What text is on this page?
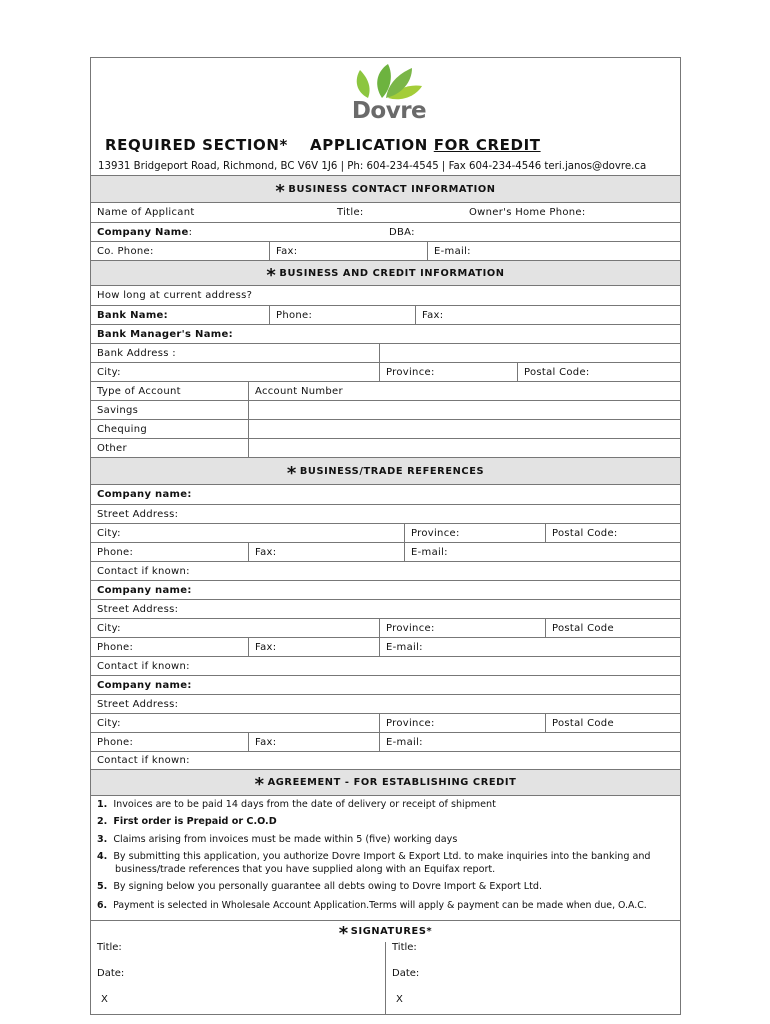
Dovre
REQUIRED SECTION* APPLICATION FOR CREDIT
13931 Bridgeport Road, Richmond, BC V6V 1J6 | Ph: 604-234-4545 | Fax 604-234-4546 teri.janos@dovre.ca
* BUSINESS CONTACT INFORMATION
Name of Applicant	Title:	Owner's Home Phone:
Company Name :	DBA:
Co. Phone:	Fax:	E-mail:
* BUSINESS AND CREDIT INFORMATION
How long at current address?
Bank Name:	Phone:	Fax:
Bank Manager's Name:
Bank Address :
City:	Province:	Postal Code:
Type of Account	Account Number
Savings
Chequing
Other
* BUSINESS/TRADE REFERENCES
Company name:
Street Address:
City:	Province:	Postal Code:
Phone:	Fax:	E-mail:
Contact if known:
Company name:
Street Address:
City:	Province:	Postal Code
Phone:	Fax:	E-mail:
Contact if known:
Company name:
Street Address:
City:	Province:	Postal Code
Phone:	Fax:	E-mail:
Contact if known:
* AGREEMENT - FOR ESTABLISHING CREDIT
1. Invoices are to be paid 14 days from the date of delivery or receipt of shipment
2. First order is Prepaid or C.O.D
3. Claims arising from invoices must be made within 5 (five) working days
4. By submitting this application, you authorize Dovre Import & Export Ltd. to make inquiries into the banking and
business/trade references that you have supplied along with an Equifax report.
5. By signing below you personally guarantee all debts owing to Dovre Import & Export Ltd.
6. Payment is selected in Wholesale Account Application.Terms will apply & payment can be made when due, O.A.C.
* SIGNATURES*
Title:
Date:
X
Title:
Date:
X
